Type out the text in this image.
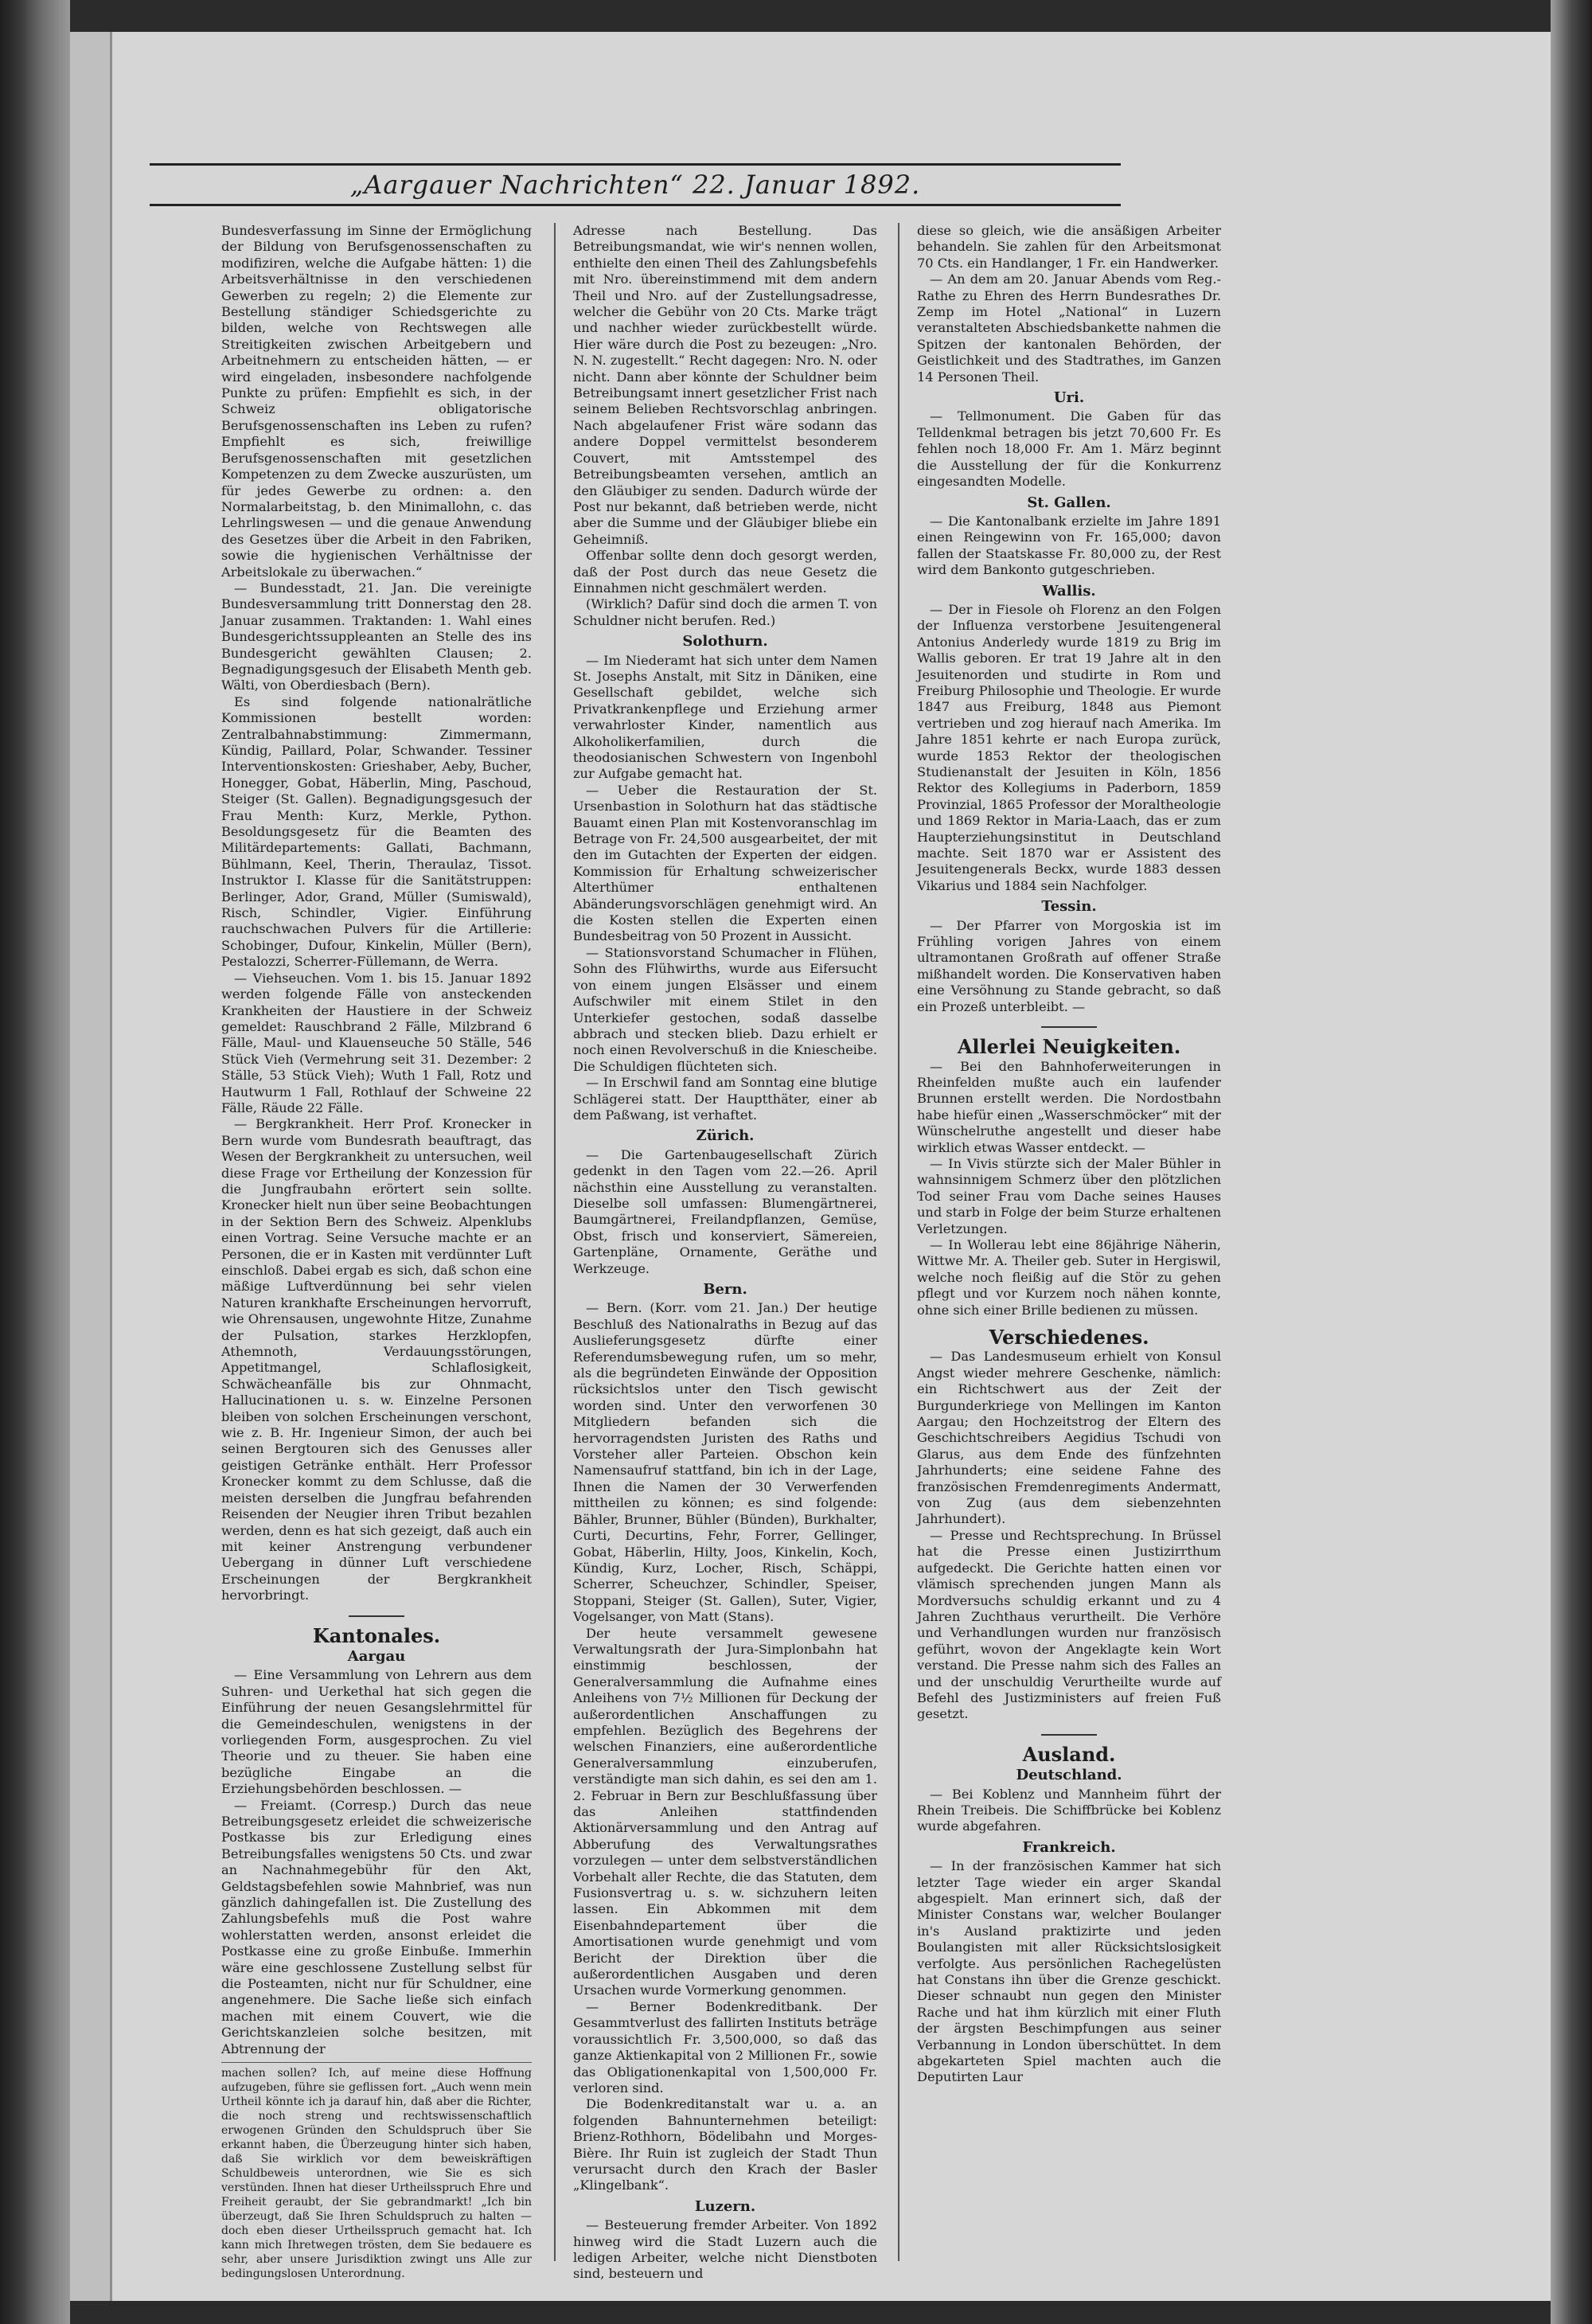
„Aargauer Nachrichten“ 22. Januar 1892.

Bundesverfassung im Sinne der Ermöglichung der Bildung von Berufsgenossenschaften zu modifiziren, welche die Aufgabe hätten: 1) die Arbeitsverhältnisse in den verschiedenen Gewerben zu regeln; 2) die Elemente zur Bestellung ständiger Schiedsgerichte zu bilden, welche von Rechtswegen alle Streitigkeiten zwischen Arbeitgebern und Arbeitnehmern zu entscheiden hätten, — er wird eingeladen, insbesondere nachfolgende Punkte zu prüfen: Empfiehlt es sich, in der Schweiz obligatorische Berufsgenossenschaften ins Leben zu rufen? Empfiehlt es sich, freiwillige Berufsgenossenschaften mit gesetzlichen Kompetenzen zu dem Zwecke auszurüsten, um für jedes Gewerbe zu ordnen: a. den Normalarbeitstag, b. den Minimallohn, c. das Lehrlingswesen — und die genaue Anwendung des Gesetzes über die Arbeit in den Fabriken, sowie die hygienischen Verhältnisse der Arbeitslokale zu überwachen.“

— Bundesstadt, 21. Jan. Die vereinigte Bundesversammlung tritt Donnerstag den 28. Januar zusammen. Traktanden: 1. Wahl eines Bundesgerichtssuppleanten an Stelle des ins Bundesgericht gewählten Clausen; 2. Begnadigungsgesuch der Elisabeth Menth geb. Wälti, von Oberdiesbach (Bern).

Es sind folgende nationalrätliche Kommissionen bestellt worden: Zentralbahnabstimmung: Zimmermann, Kündig, Paillard, Polar, Schwander. Tessiner Interventionskosten: Grieshaber, Aeby, Bucher, Honegger, Gobat, Häberlin, Ming, Paschoud, Steiger (St. Gallen). Begnadigungsgesuch der Frau Menth: Kurz, Merkle, Python. Besoldungsgesetz für die Beamten des Militärdepartements: Gallati, Bachmann, Bühlmann, Keel, Therin, Theraulaz, Tissot. Instruktor I. Klasse für die Sanitätstruppen: Berlinger, Ador, Grand, Müller (Sumiswald), Risch, Schindler, Vigier. Einführung rauchschwachen Pulvers für die Artillerie: Schobinger, Dufour, Kinkelin, Müller (Bern), Pestalozzi, Scherrer-Füllemann, de Werra.

— Viehseuchen. Vom 1. bis 15. Januar 1892 werden folgende Fälle von ansteckenden Krankheiten der Haustiere in der Schweiz gemeldet: Rauschbrand 2 Fälle, Milzbrand 6 Fälle, Maul- und Klauenseuche 50 Ställe, 546 Stück Vieh (Vermehrung seit 31. Dezember: 2 Ställe, 53 Stück Vieh); Wuth 1 Fall, Rotz und Hautwurm 1 Fall, Rothlauf der Schweine 22 Fälle, Räude 22 Fälle.

— Bergkrankheit. Herr Prof. Kronecker in Bern wurde vom Bundesrath beauftragt, das Wesen der Bergkrankheit zu untersuchen, weil diese Frage vor Ertheilung der Konzession für die Jungfraubahn erörtert sein sollte. Kronecker hielt nun über seine Beobachtungen in der Sektion Bern des Schweiz. Alpenklubs einen Vortrag. Seine Versuche machte er an Personen, die er in Kasten mit verdünnter Luft einschloß. Dabei ergab es sich, daß schon eine mäßige Luftverdünnung bei sehr vielen Naturen krankhafte Erscheinungen hervorruft, wie Ohrensausen, ungewohnte Hitze, Zunahme der Pulsation, starkes Herzklopfen, Athemnoth, Verdauungsstörungen, Appetitmangel, Schlaflosigkeit, Schwächeanfälle bis zur Ohnmacht, Hallucinationen u. s. w. Einzelne Personen bleiben von solchen Erscheinungen verschont, wie z. B. Hr. Ingenieur Simon, der auch bei seinen Bergtouren sich des Genusses aller geistigen Getränke enthält. Herr Professor Kronecker kommt zu dem Schlusse, daß die meisten derselben die Jungfrau befahrenden Reisenden der Neugier ihren Tribut bezahlen werden, denn es hat sich gezeigt, daß auch ein mit keiner Anstrengung verbundener Uebergang in dünner Luft verschiedene Erscheinungen der Bergkrankheit hervorbringt.

Kantonales.
Aargau

— Eine Versammlung von Lehrern aus dem Suhren- und Uerkethal hat sich gegen die Einführung der neuen Gesangslehrmittel für die Gemeindeschulen, wenigstens in der vorliegenden Form, ausgesprochen. Zu viel Theorie und zu theuer. Sie haben eine bezügliche Eingabe an die Erziehungsbehörden beschlossen. —

— Freiamt. (Corresp.) Durch das neue Betreibungsgesetz erleidet die schweizerische Postkasse bis zur Erledigung eines Betreibungsfalles wenigstens 50 Cts. und zwar an Nachnahmegebühr für den Akt, Geldstagsbefehlen sowie Mahnbrief, was nun gänzlich dahingefallen ist. Die Zustellung des Zahlungsbefehls muß die Post wahre wohlerstatten werden, ansonst erleidet die Postkasse eine zu große Einbuße. Immerhin wäre eine geschlossene Zustellung selbst für die Posteamten, nicht nur für Schuldner, eine angenehmere. Die Sache ließe sich einfach machen mit einem Couvert, wie die Gerichtskanzleien solche besitzen, mit Abtrennung der

machen sollen? Ich, auf meine diese Hoffnung aufzugeben, führe sie geflissen fort. „Auch wenn mein Urtheil könnte ich ja darauf hin, daß aber die Richter, die noch streng und rechtswissenschaftlich erwogenen Gründen den Schuldspruch über Sie erkannt haben, die Überzeugung hinter sich haben, daß Sie wirklich vor dem beweiskräftigen Schuldbeweis unterordnen, wie Sie es sich verstünden. Ihnen hat dieser Urtheilsspruch Ehre und Freiheit geraubt, der Sie gebrandmarkt! „Ich bin überzeugt, daß Sie Ihren Schuldspruch zu halten — doch eben dieser Urtheilsspruch gemacht hat. Ich kann mich Ihretwegen trösten, dem Sie bedauere es sehr, aber unsere Jurisdiktion zwingt uns Alle zur bedingungslosen Unterordnung.

Adresse nach Bestellung. Das Betreibungsmandat, wie wir's nennen wollen, enthielte den einen Theil des Zahlungsbefehls mit Nro. übereinstimmend mit dem andern Theil und Nro. auf der Zustellungsadresse, welcher die Gebühr von 20 Cts. Marke trägt und nachher wieder zurückbestellt würde. Hier wäre durch die Post zu bezeugen: „Nro. N. N. zugestellt.“ Recht dagegen: Nro. N. oder nicht. Dann aber könnte der Schuldner beim Betreibungsamt innert gesetzlicher Frist nach seinem Belieben Rechtsvorschlag anbringen. Nach abgelaufener Frist wäre sodann das andere Doppel vermittelst besonderem Couvert, mit Amtsstempel des Betreibungsbeamten versehen, amtlich an den Gläubiger zu senden. Dadurch würde der Post nur bekannt, daß betrieben werde, nicht aber die Summe und der Gläubiger bliebe ein Geheimniß.

Offenbar sollte denn doch gesorgt werden, daß der Post durch das neue Gesetz die Einnahmen nicht geschmälert werden.

(Wirklich? Dafür sind doch die armen T. von Schuldner nicht berufen. Red.)

Solothurn.

— Im Niederamt hat sich unter dem Namen St. Josephs Anstalt, mit Sitz in Däniken, eine Gesellschaft gebildet, welche sich Privatkrankenpflege und Erziehung armer verwahrloster Kinder, namentlich aus Alkoholikerfamilien, durch die theodosianischen Schwestern von Ingenbohl zur Aufgabe gemacht hat.

— Ueber die Restauration der St. Ursenbastion in Solothurn hat das städtische Bauamt einen Plan mit Kostenvoranschlag im Betrage von Fr. 24,500 ausgearbeitet, der mit den im Gutachten der Experten der eidgen. Kommission für Erhaltung schweizerischer Alterthümer enthaltenen Abänderungsvorschlägen genehmigt wird. An die Kosten stellen die Experten einen Bundesbeitrag von 50 Prozent in Aussicht.

— Stationsvorstand Schumacher in Flühen, Sohn des Flühwirths, wurde aus Eifersucht von einem jungen Elsässer und einem Aufschwiler mit einem Stilet in den Unterkiefer gestochen, sodaß dasselbe abbrach und stecken blieb. Dazu erhielt er noch einen Revolverschuß in die Kniescheibe. Die Schuldigen flüchteten sich.

— In Erschwil fand am Sonntag eine blutige Schlägerei statt. Der Hauptthäter, einer ab dem Paßwang, ist verhaftet.

Zürich.

— Die Gartenbaugesellschaft Zürich gedenkt in den Tagen vom 22.—26. April nächsthin eine Ausstellung zu veranstalten. Dieselbe soll umfassen: Blumengärtnerei, Baumgärtnerei, Freilandpflanzen, Gemüse, Obst, frisch und konserviert, Sämereien, Gartenpläne, Ornamente, Geräthe und Werkzeuge.

Bern.

— Bern. (Korr. vom 21. Jan.) Der heutige Beschluß des Nationalraths in Bezug auf das Auslieferungsgesetz dürfte einer Referendumsbewegung rufen, um so mehr, als die begründeten Einwände der Opposition rücksichtslos unter den Tisch gewischt worden sind. Unter den verworfenen 30 Mitgliedern befanden sich die hervorragendsten Juristen des Raths und Vorsteher aller Parteien. Obschon kein Namensaufruf stattfand, bin ich in der Lage, Ihnen die Namen der 30 Verwerfenden mittheilen zu können; es sind folgende: Bähler, Brunner, Bühler (Bünden), Burkhalter, Curti, Decurtins, Fehr, Forrer, Gellinger, Gobat, Häberlin, Hilty, Joos, Kinkelin, Koch, Kündig, Kurz, Locher, Risch, Schäppi, Scherrer, Scheuchzer, Schindler, Speiser, Stoppani, Steiger (St. Gallen), Suter, Vigier, Vogelsanger, von Matt (Stans).

Der heute versammelt gewesene Verwaltungsrath der Jura-Simplonbahn hat einstimmig beschlossen, der Generalversammlung die Aufnahme eines Anleihens von 7½ Millionen für Deckung der außerordentlichen Anschaffungen zu empfehlen. Bezüglich des Begehrens der welschen Finanziers, eine außerordentliche Generalversammlung einzuberufen, verständigte man sich dahin, es sei den am 1. 2. Februar in Bern zur Beschlußfassung über das Anleihen stattfindenden Aktionärversammlung und den Antrag auf Abberufung des Verwaltungsrathes vorzulegen — unter dem selbstverständlichen Vorbehalt aller Rechte, die das Statuten, dem Fusionsvertrag u. s. w. sichzuhern leiten lassen. Ein Abkommen mit dem Eisenbahndepartement über die Amortisationen wurde genehmigt und vom Bericht der Direktion über die außerordentlichen Ausgaben und deren Ursachen wurde Vormerkung genommen.

— Berner Bodenkreditbank. Der Gesammtverlust des fallirten Instituts beträge voraussichtlich Fr. 3,500,000, so daß das ganze Aktienkapital von 2 Millionen Fr., sowie das Obligationenkapital von 1,500,000 Fr. verloren sind.

Die Bodenkreditanstalt war u. a. an folgenden Bahnunternehmen beteiligt: Brienz-Rothhorn, Bödelibahn und Morges-Bière. Ihr Ruin ist zugleich der Stadt Thun verursacht durch den Krach der Basler „Klingelbank“.

Luzern.

— Besteuerung fremder Arbeiter. Von 1892 hinweg wird die Stadt Luzern auch die ledigen Arbeiter, welche nicht Dienstboten sind, besteuern und

diese so gleich, wie die ansäßigen Arbeiter behandeln. Sie zahlen für den Arbeitsmonat 70 Cts. ein Handlanger, 1 Fr. ein Handwerker.

— An dem am 20. Januar Abends vom Reg.-Rathe zu Ehren des Herrn Bundesrathes Dr. Zemp im Hotel „National“ in Luzern veranstalteten Abschiedsbankette nahmen die Spitzen der kantonalen Behörden, der Geistlichkeit und des Stadtrathes, im Ganzen 14 Personen Theil.

Uri.

— Tellmonument. Die Gaben für das Telldenkmal betragen bis jetzt 70,600 Fr. Es fehlen noch 18,000 Fr. Am 1. März beginnt die Ausstellung der für die Konkurrenz eingesandten Modelle.

St. Gallen.

— Die Kantonalbank erzielte im Jahre 1891 einen Reingewinn von Fr. 165,000; davon fallen der Staatskasse Fr. 80,000 zu, der Rest wird dem Bankonto gutgeschrieben.

Wallis.

— Der in Fiesole oh Florenz an den Folgen der Influenza verstorbene Jesuitengeneral Antonius Anderledy wurde 1819 zu Brig im Wallis geboren. Er trat 19 Jahre alt in den Jesuitenorden und studirte in Rom und Freiburg Philosophie und Theologie. Er wurde 1847 aus Freiburg, 1848 aus Piemont vertrieben und zog hierauf nach Amerika. Im Jahre 1851 kehrte er nach Europa zurück, wurde 1853 Rektor der theologischen Studienanstalt der Jesuiten in Köln, 1856 Rektor des Kollegiums in Paderborn, 1859 Provinzial, 1865 Professor der Moraltheologie und 1869 Rektor in Maria-Laach, das er zum Haupterziehungsinstitut in Deutschland machte. Seit 1870 war er Assistent des Jesuitengenerals Beckx, wurde 1883 dessen Vikarius und 1884 sein Nachfolger.

Tessin.

— Der Pfarrer von Morgoskia ist im Frühling vorigen Jahres von einem ultramontanen Großrath auf offener Straße mißhandelt worden. Die Konservativen haben eine Versöhnung zu Stande gebracht, so daß ein Prozeß unterbleibt. —

Allerlei Neuigkeiten.

— Bei den Bahnhoferweiterungen in Rheinfelden mußte auch ein laufender Brunnen erstellt werden. Die Nordostbahn habe hiefür einen „Wasserschmöcker“ mit der Wünschelruthe angestellt und dieser habe wirklich etwas Wasser entdeckt. —

— In Vivis stürzte sich der Maler Bühler in wahnsinnigem Schmerz über den plötzlichen Tod seiner Frau vom Dache seines Hauses und starb in Folge der beim Sturze erhaltenen Verletzungen.

— In Wollerau lebt eine 86jährige Näherin, Wittwe Mr. A. Theiler geb. Suter in Hergiswil, welche noch fleißig auf die Stör zu gehen pflegt und vor Kurzem noch nähen konnte, ohne sich einer Brille bedienen zu müssen.

Verschiedenes.

— Das Landesmuseum erhielt von Konsul Angst wieder mehrere Geschenke, nämlich: ein Richtschwert aus der Zeit der Burgunderkriege von Mellingen im Kanton Aargau; den Hochzeitstrog der Eltern des Geschichtschreibers Aegidius Tschudi von Glarus, aus dem Ende des fünfzehnten Jahrhunderts; eine seidene Fahne des französischen Fremdenregiments Andermatt, von Zug (aus dem siebenzehnten Jahrhundert).

— Presse und Rechtsprechung. In Brüssel hat die Presse einen Justizirrthum aufgedeckt. Die Gerichte hatten einen vor vlämisch sprechenden jungen Mann als Mordversuchs schuldig erkannt und zu 4 Jahren Zuchthaus verurtheilt. Die Verhöre und Verhandlungen wurden nur französisch geführt, wovon der Angeklagte kein Wort verstand. Die Presse nahm sich des Falles an und der unschuldig Verurtheilte wurde auf Befehl des Justizministers auf freien Fuß gesetzt.

Ausland.
Deutschland.

— Bei Koblenz und Mannheim führt der Rhein Treibeis. Die Schiffbrücke bei Koblenz wurde abgefahren.

Frankreich.

— In der französischen Kammer hat sich letzter Tage wieder ein arger Skandal abgespielt. Man erinnert sich, daß der Minister Constans war, welcher Boulanger in's Ausland praktizirte und jeden Boulangisten mit aller Rücksichtslosigkeit verfolgte. Aus persönlichen Rachegelüsten hat Constans ihn über die Grenze geschickt. Dieser schnaubt nun gegen den Minister Rache und hat ihm kürzlich mit einer Fluth der ärgsten Beschimpfungen aus seiner Verbannung in London überschüttet. In dem abgekarteten Spiel machten auch die Deputirten Laur
